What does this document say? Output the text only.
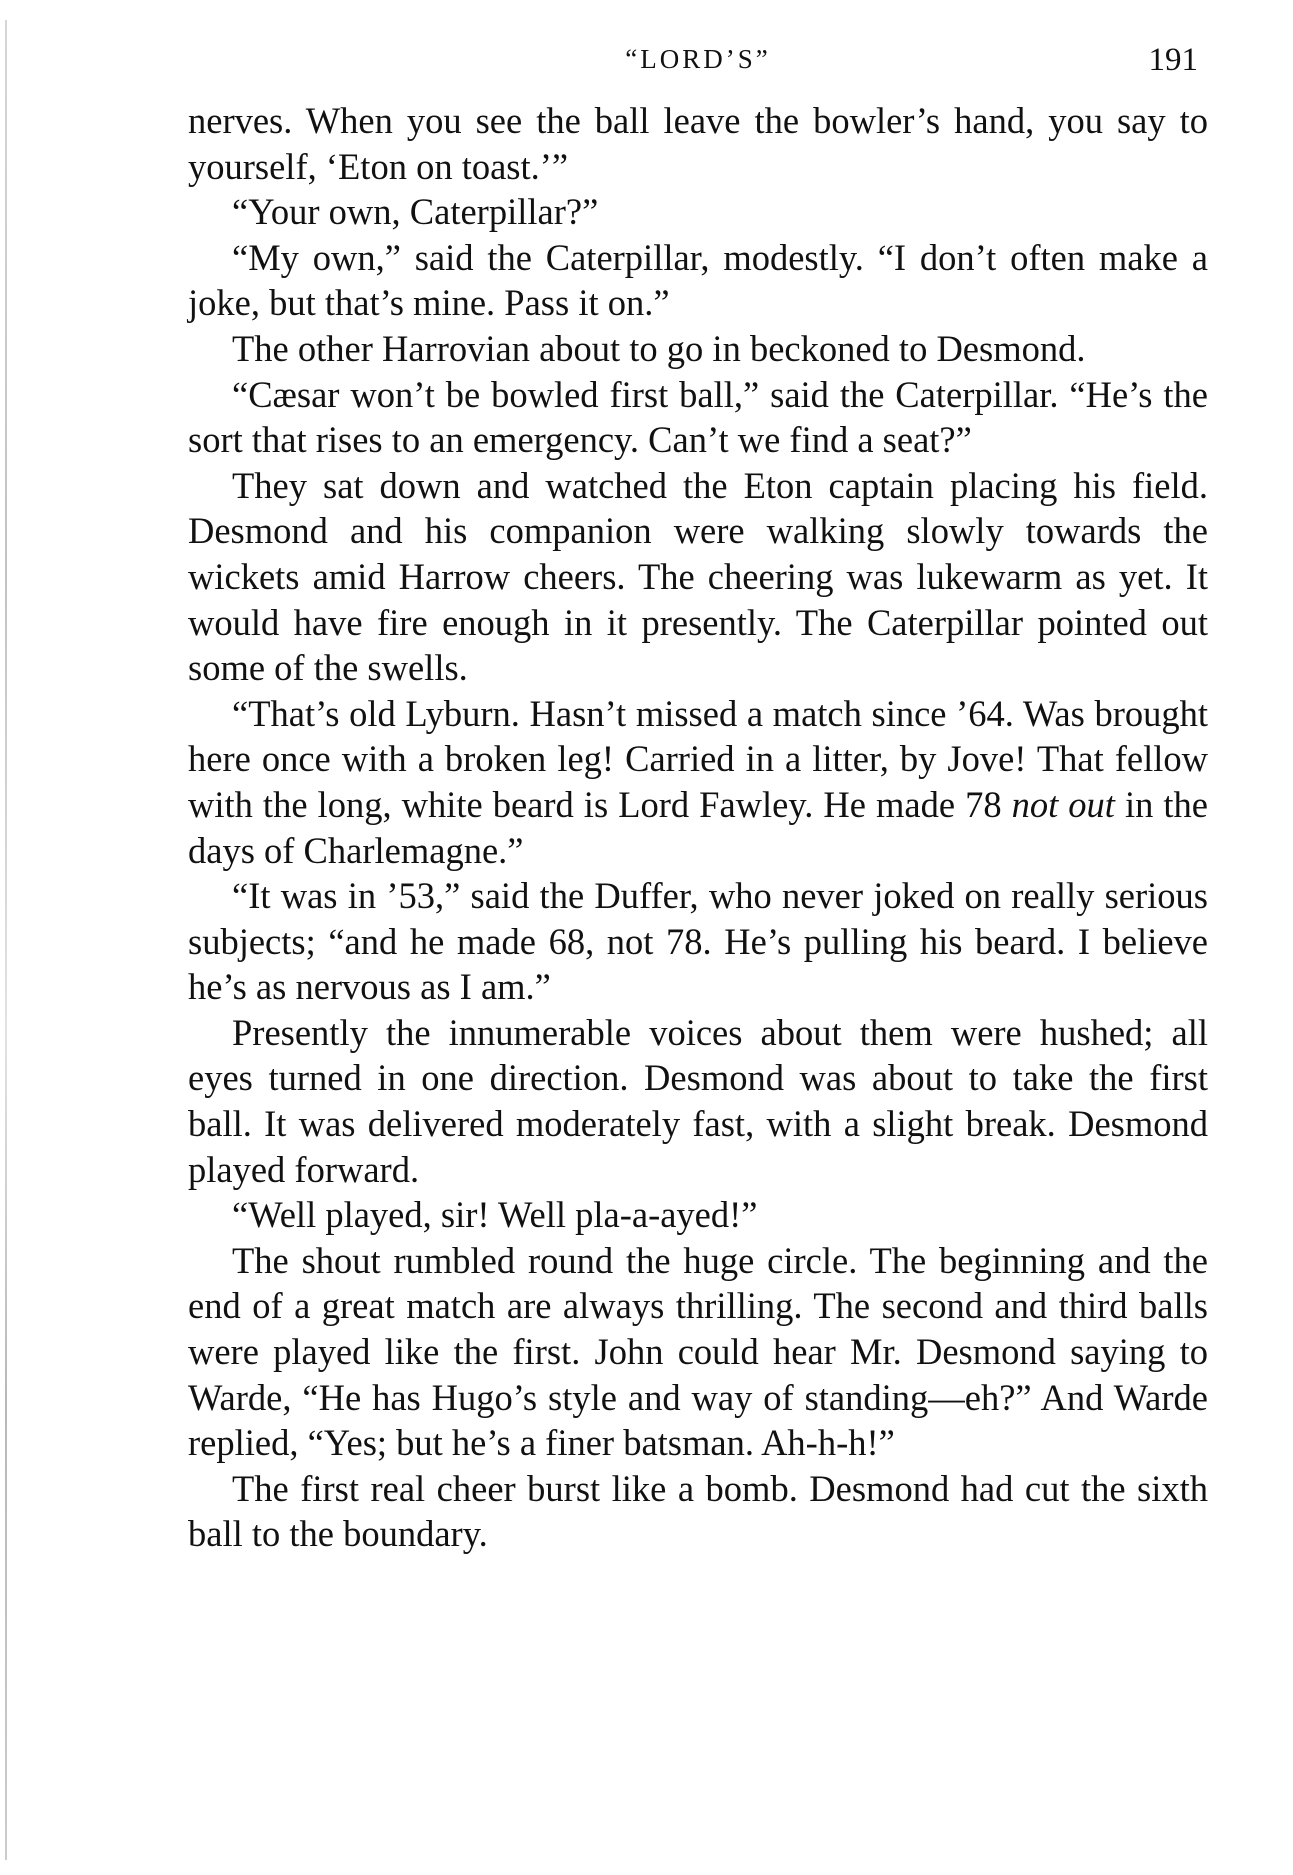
“LORD’S”	191

nerves. When you see the ball leave the bowler’s hand, you say to yourself, ‘Eton on toast.’”

“Your own, Caterpillar?”

“My own,” said the Caterpillar, modestly. “I don’t often make a joke, but that’s mine. Pass it on.”

The other Harrovian about to go in beckoned to Desmond.

“Cæsar won’t be bowled first ball,” said the Caterpillar. “He’s the sort that rises to an emergency. Can’t we find a seat?”

They sat down and watched the Eton captain placing his field. Desmond and his companion were walking slowly towards the wickets amid Harrow cheers. The cheering was lukewarm as yet. It would have fire enough in it presently. The Caterpillar pointed out some of the swells.

“That’s old Lyburn. Hasn’t missed a match since ’64. Was brought here once with a broken leg! Carried in a litter, by Jove! That fellow with the long, white beard is Lord Fawley. He made 78 not out in the days of Charlemagne.”

“It was in ’53,” said the Duffer, who never joked on really serious subjects; “and he made 68, not 78. He’s pulling his beard. I believe he’s as nervous as I am.”

Presently the innumerable voices about them were hushed; all eyes turned in one direction. Desmond was about to take the first ball. It was delivered moderately fast, with a slight break. Desmond played forward.

“Well played, sir! Well pla-a-ayed!”

The shout rumbled round the huge circle. The beginning and the end of a great match are always thrilling. The second and third balls were played like the first. John could hear Mr. Desmond saying to Warde, “He has Hugo’s style and way of standing—eh?” And Warde replied, “Yes; but he’s a finer batsman. Ah-h-h!”

The first real cheer burst like a bomb. Desmond had cut the sixth ball to the boundary.
